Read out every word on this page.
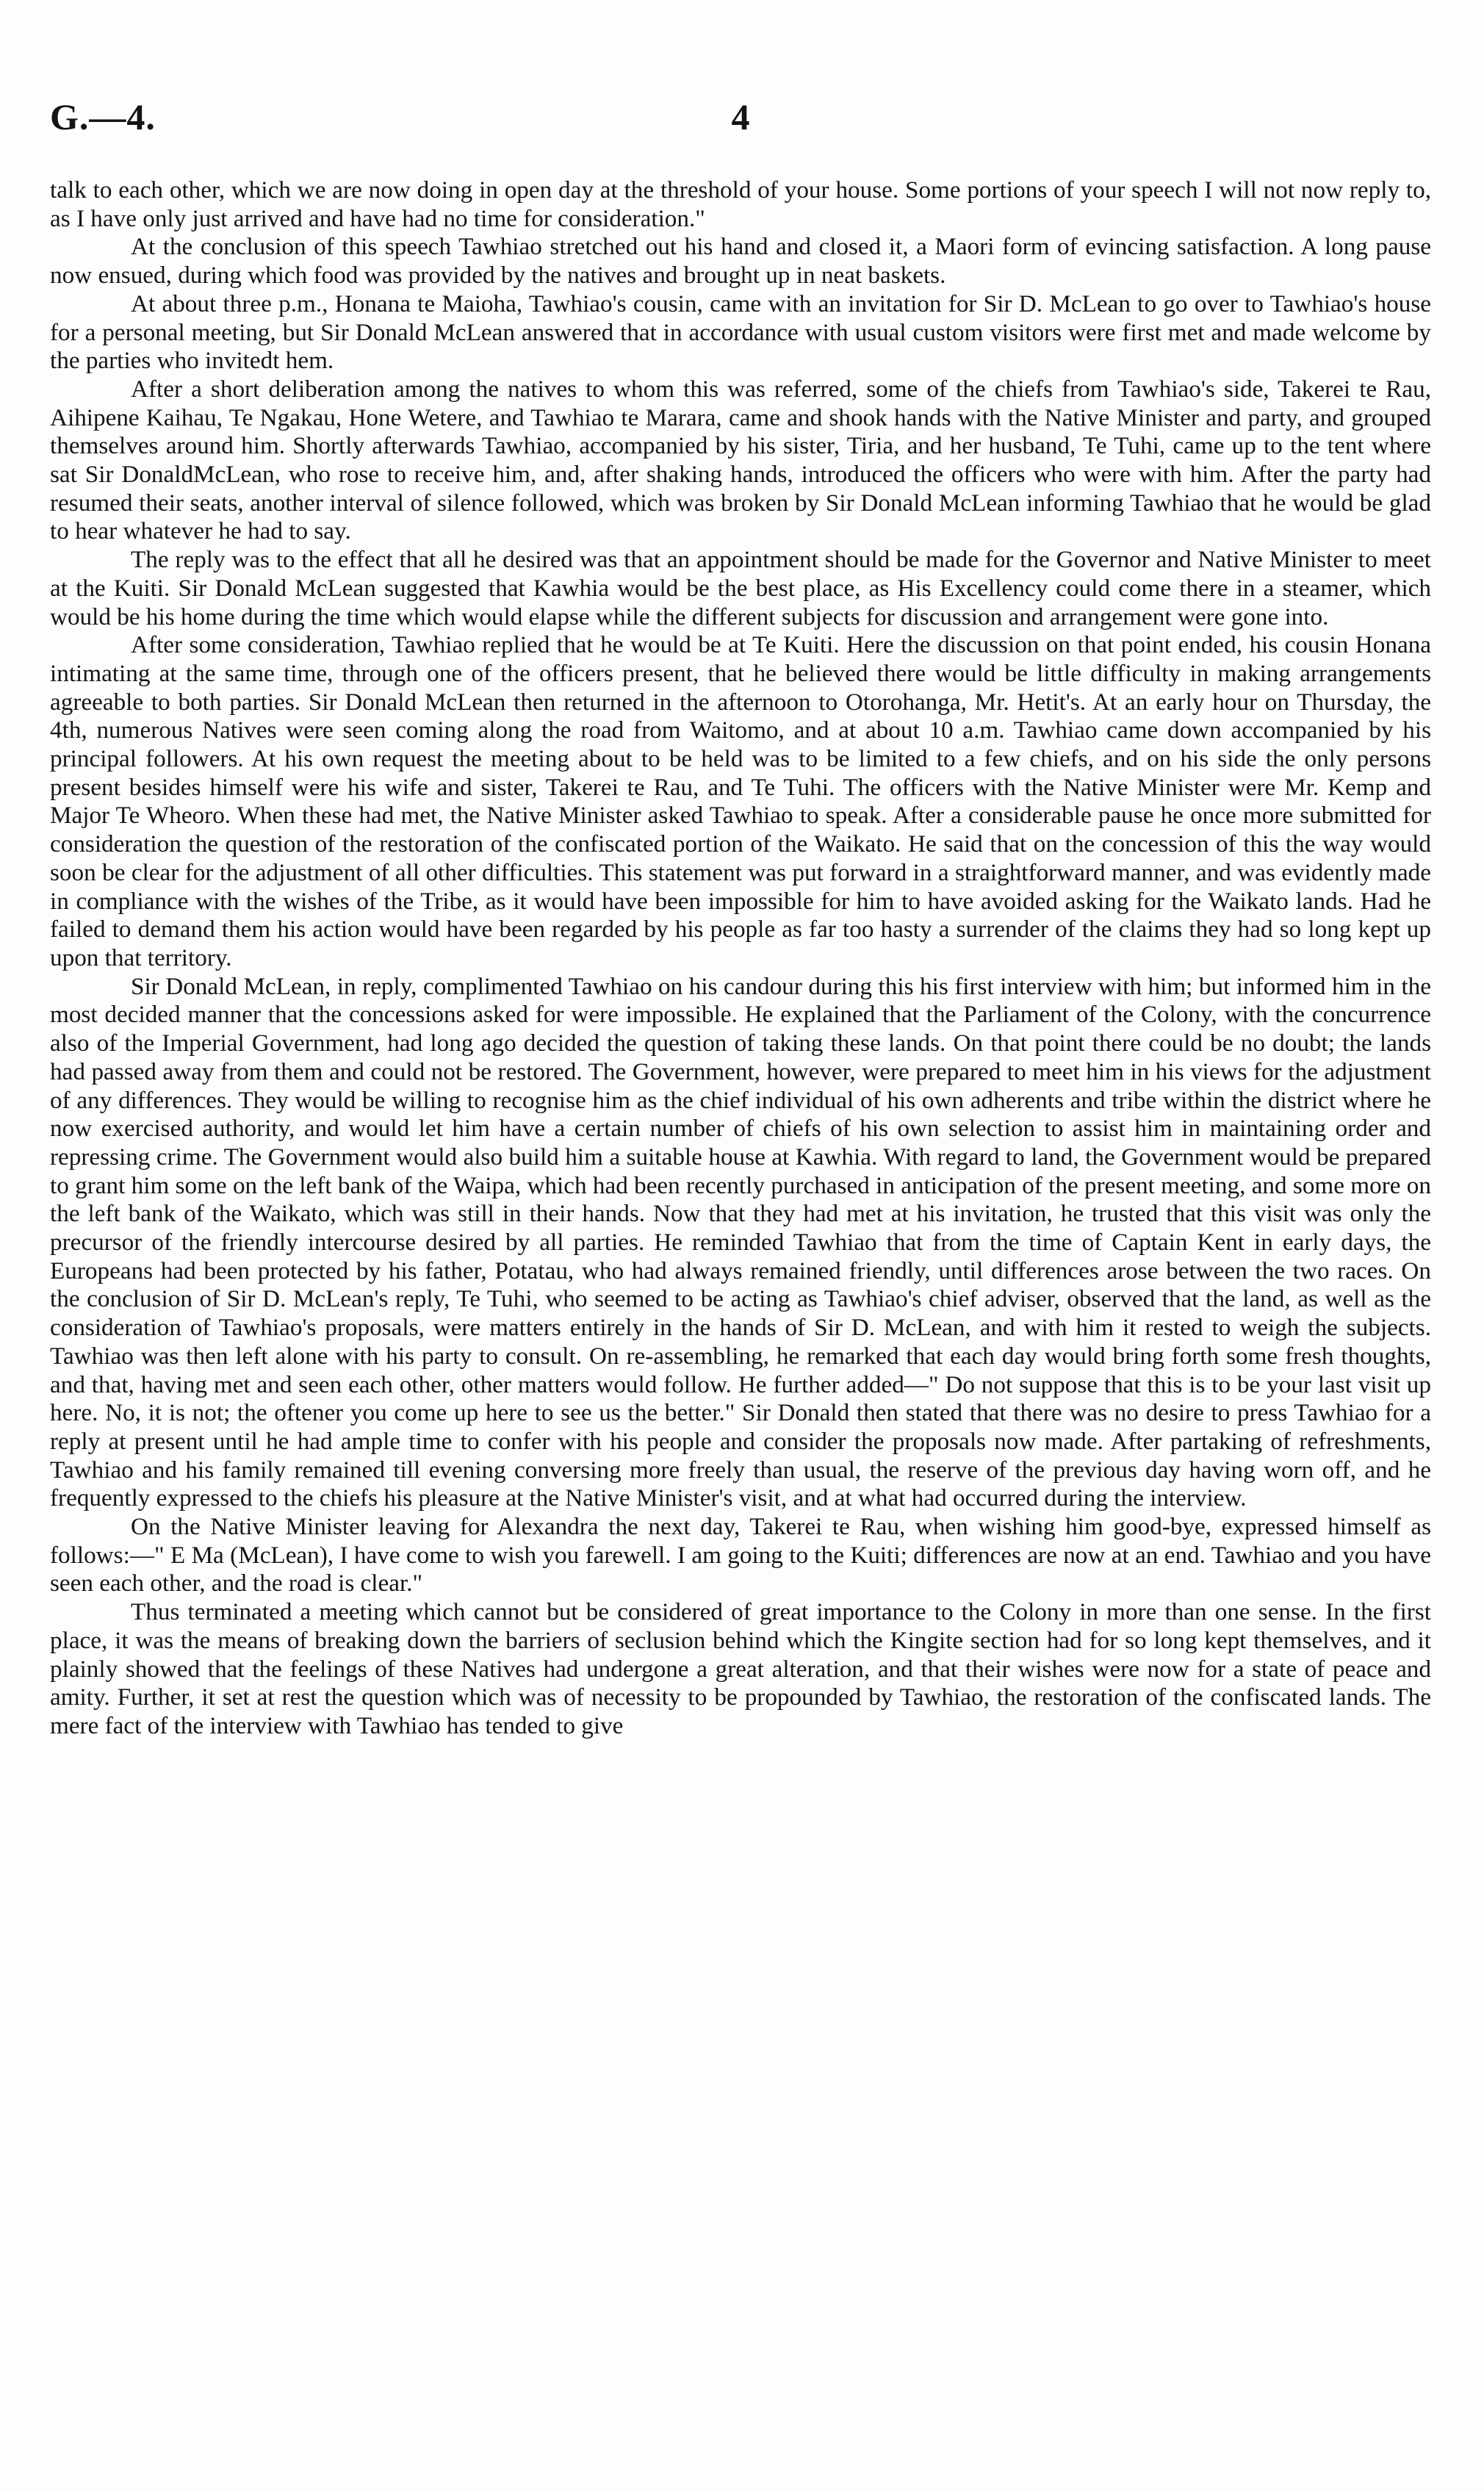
G.—4.	4

talk to each other, which we are now doing in open day at the threshold of your house. Some portions of your speech I will not now reply to, as I have only just arrived and have had no time for consideration."

At the conclusion of this speech Tawhiao stretched out his hand and closed it, a Maori form of evincing satisfaction. A long pause now ensued, during which food was provided by the natives and brought up in neat baskets.

At about three p.m., Honana te Maioha, Tawhiao's cousin, came with an invitation for Sir D. McLean to go over to Tawhiao's house for a personal meeting, but Sir Donald McLean answered that in accordance with usual custom visitors were first met and made welcome by the parties who invitedt hem.

After a short deliberation among the natives to whom this was referred, some of the chiefs from Tawhiao's side, Takerei te Rau, Aihipene Kaihau, Te Ngakau, Hone Wetere, and Tawhiao te Marara, came and shook hands with the Native Minister and party, and grouped themselves around him. Shortly afterwards Tawhiao, accompanied by his sister, Tiria, and her husband, Te Tuhi, came up to the tent where sat Sir DonaldMcLean, who rose to receive him, and, after shaking hands, introduced the officers who were with him. After the party had resumed their seats, another interval of silence followed, which was broken by Sir Donald McLean informing Tawhiao that he would be glad to hear whatever he had to say.

The reply was to the effect that all he desired was that an appointment should be made for the Governor and Native Minister to meet at the Kuiti. Sir Donald McLean suggested that Kawhia would be the best place, as His Excellency could come there in a steamer, which would be his home during the time which would elapse while the different subjects for discussion and arrangement were gone into.

After some consideration, Tawhiao replied that he would be at Te Kuiti. Here the discussion on that point ended, his cousin Honana intimating at the same time, through one of the officers present, that he believed there would be little difficulty in making arrangements agreeable to both parties. Sir Donald McLean then returned in the afternoon to Otorohanga, Mr. Hetit's. At an early hour on Thursday, the 4th, numerous Natives were seen coming along the road from Waitomo, and at about 10 a.m. Tawhiao came down accompanied by his principal followers. At his own request the meeting about to be held was to be limited to a few chiefs, and on his side the only persons present besides himself were his wife and sister, Takerei te Rau, and Te Tuhi. The officers with the Native Minister were Mr. Kemp and Major Te Wheoro. When these had met, the Native Minister asked Tawhiao to speak. After a considerable pause he once more submitted for consideration the question of the restoration of the confiscated portion of the Waikato. He said that on the concession of this the way would soon be clear for the adjustment of all other difficulties. This statement was put forward in a straightforward manner, and was evidently made in compliance with the wishes of the Tribe, as it would have been impossible for him to have avoided asking for the Waikato lands. Had he failed to demand them his action would have been regarded by his people as far too hasty a surrender of the claims they had so long kept up upon that territory.

Sir Donald McLean, in reply, complimented Tawhiao on his candour during this his first interview with him; but informed him in the most decided manner that the concessions asked for were impossible. He explained that the Parliament of the Colony, with the concurrence also of the Imperial Government, had long ago decided the question of taking these lands. On that point there could be no doubt; the lands had passed away from them and could not be restored. The Government, however, were prepared to meet him in his views for the adjustment of any differences. They would be willing to recognise him as the chief individual of his own adherents and tribe within the district where he now exercised authority, and would let him have a certain number of chiefs of his own selection to assist him in maintaining order and repressing crime. The Government would also build him a suitable house at Kawhia. With regard to land, the Government would be prepared to grant him some on the left bank of the Waipa, which had been recently purchased in anticipation of the present meeting, and some more on the left bank of the Waikato, which was still in their hands. Now that they had met at his invitation, he trusted that this visit was only the precursor of the friendly intercourse desired by all parties. He reminded Tawhiao that from the time of Captain Kent in early days, the Europeans had been protected by his father, Potatau, who had always remained friendly, until differences arose between the two races. On the conclusion of Sir D. McLean's reply, Te Tuhi, who seemed to be acting as Tawhiao's chief adviser, observed that the land, as well as the consideration of Tawhiao's proposals, were matters entirely in the hands of Sir D. McLean, and with him it rested to weigh the subjects. Tawhiao was then left alone with his party to consult. On re-assembling, he remarked that each day would bring forth some fresh thoughts, and that, having met and seen each other, other matters would follow. He further added—" Do not suppose that this is to be your last visit up here. No, it is not; the oftener you come up here to see us the better." Sir Donald then stated that there was no desire to press Tawhiao for a reply at present until he had ample time to confer with his people and consider the proposals now made. After partaking of refreshments, Tawhiao and his family remained till evening conversing more freely than usual, the reserve of the previous day having worn off, and he frequently expressed to the chiefs his pleasure at the Native Minister's visit, and at what had occurred during the interview.

On the Native Minister leaving for Alexandra the next day, Takerei te Rau, when wishing him good-bye, expressed himself as follows:—" E Ma (McLean), I have come to wish you farewell. I am going to the Kuiti; differences are now at an end. Tawhiao and you have seen each other, and the road is clear."

Thus terminated a meeting which cannot but be considered of great importance to the Colony in more than one sense. In the first place, it was the means of breaking down the barriers of seclusion behind which the Kingite section had for so long kept themselves, and it plainly showed that the feelings of these Natives had undergone a great alteration, and that their wishes were now for a state of peace and amity. Further, it set at rest the question which was of necessity to be propounded by Tawhiao, the restoration of the confiscated lands. The mere fact of the interview with Tawhiao has tended to give
